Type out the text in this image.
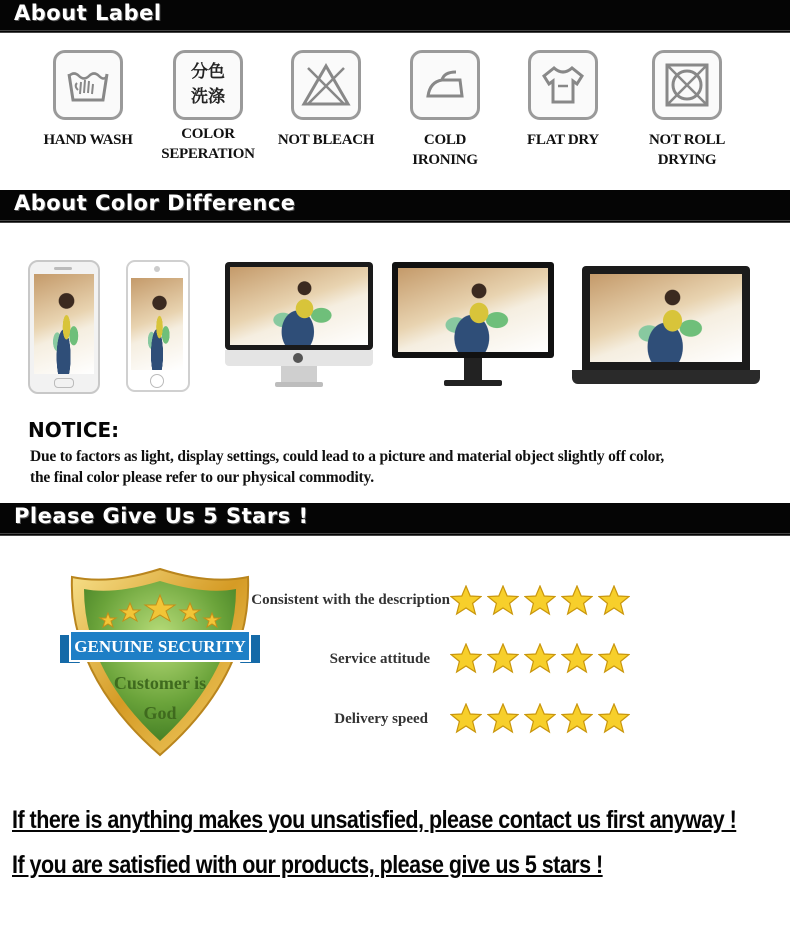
About Label
HAND WASH
分色
洗涤
COLOR SEPERATION
NOT BLEACH	COLD IRONING
FLAT DRY	NOT ROLL DRYING
About Color Difference
NOTICE:
Due to factors as light, display settings, could lead to a picture and material object slightly off color,
the final color please refer to our physical commodity.
Please Give Us 5 Stars !
GENUINE SECURITY
Customer is
God
Consistent with the description
Service attitude
Delivery speed
If there is anything makes you unsatisfied, please contact us first anyway !
If you are satisfied with our products, please give us 5 stars !
